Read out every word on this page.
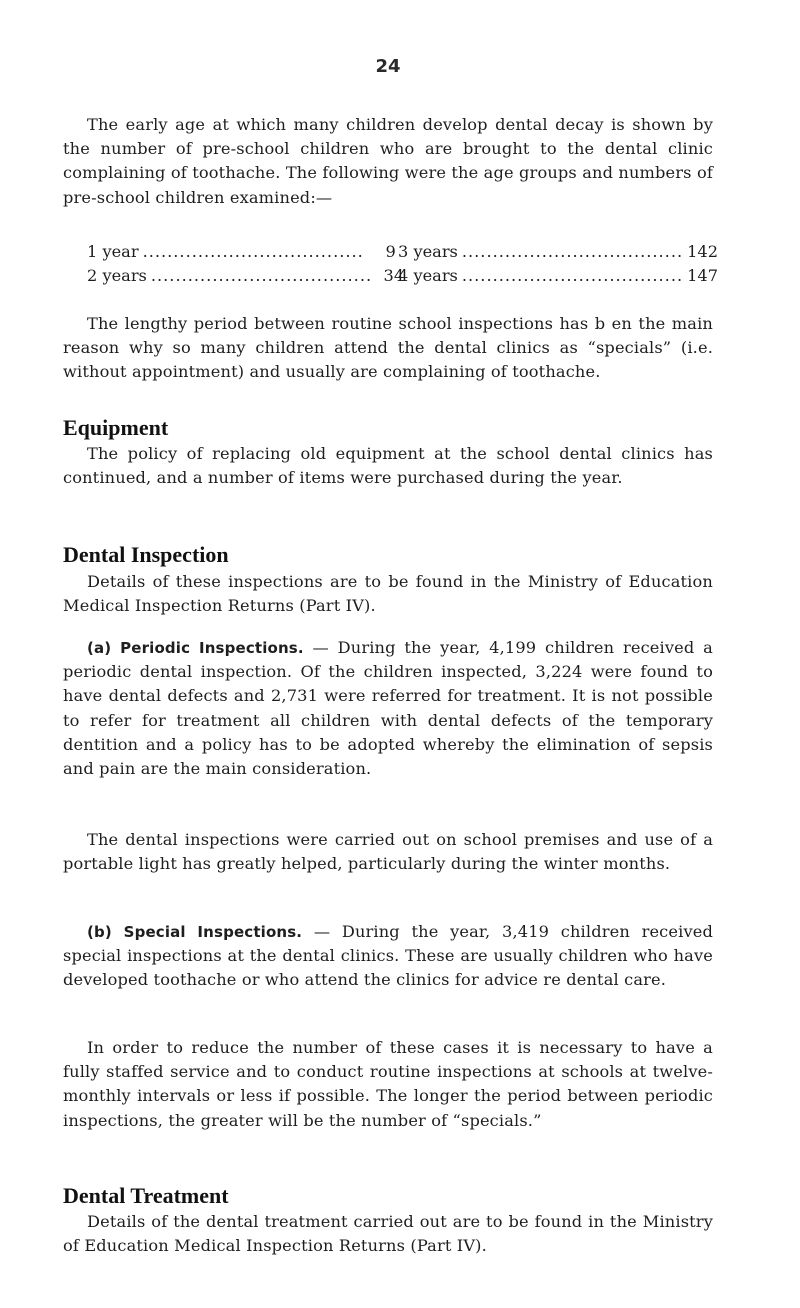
24

The early age at which many children develop dental decay is shown by the number of pre-school children who are brought to the dental clinic complaining of toothache. The following were the age groups and numbers of pre-school children examined:—

1 year ....................................	9 3 years .................................... 142
2 years .................................... 34
4 years .................................... 147

The lengthy period between routine school inspections has b en the main reason why so many children attend the dental clinics as “specials” (i.e. without appointment) and usually are complaining of toothache.

Equipment

The policy of replacing old equipment at the school dental clinics has continued, and a number of items were purchased during the year.

Dental Inspection

Details of these inspections are to be found in the Ministry of Education Medical Inspection Returns (Part IV).

(a) Periodic Inspections. — During the year, 4,199 children received a periodic dental inspection. Of the children inspected, 3,224 were found to have dental defects and 2,731 were referred for treatment. It is not possible to refer for treatment all children with dental defects of the temporary dentition and a policy has to be adopted whereby the elimination of sepsis and pain are the main consideration.

The dental inspections were carried out on school premises and use of a portable light has greatly helped, particularly during the winter months.

(b) Special Inspections. — During the year, 3,419 children received special inspections at the dental clinics. These are usually children who have developed toothache or who attend the clinics for advice re dental care.

In order to reduce the number of these cases it is necessary to have a fully staffed service and to conduct routine inspections at schools at twelve-monthly intervals or less if possible. The longer the period between periodic inspections, the greater will be the number of “specials.”

Dental Treatment

Details of the dental treatment carried out are to be found in the Ministry of Education Medical Inspection Returns (Part IV).
